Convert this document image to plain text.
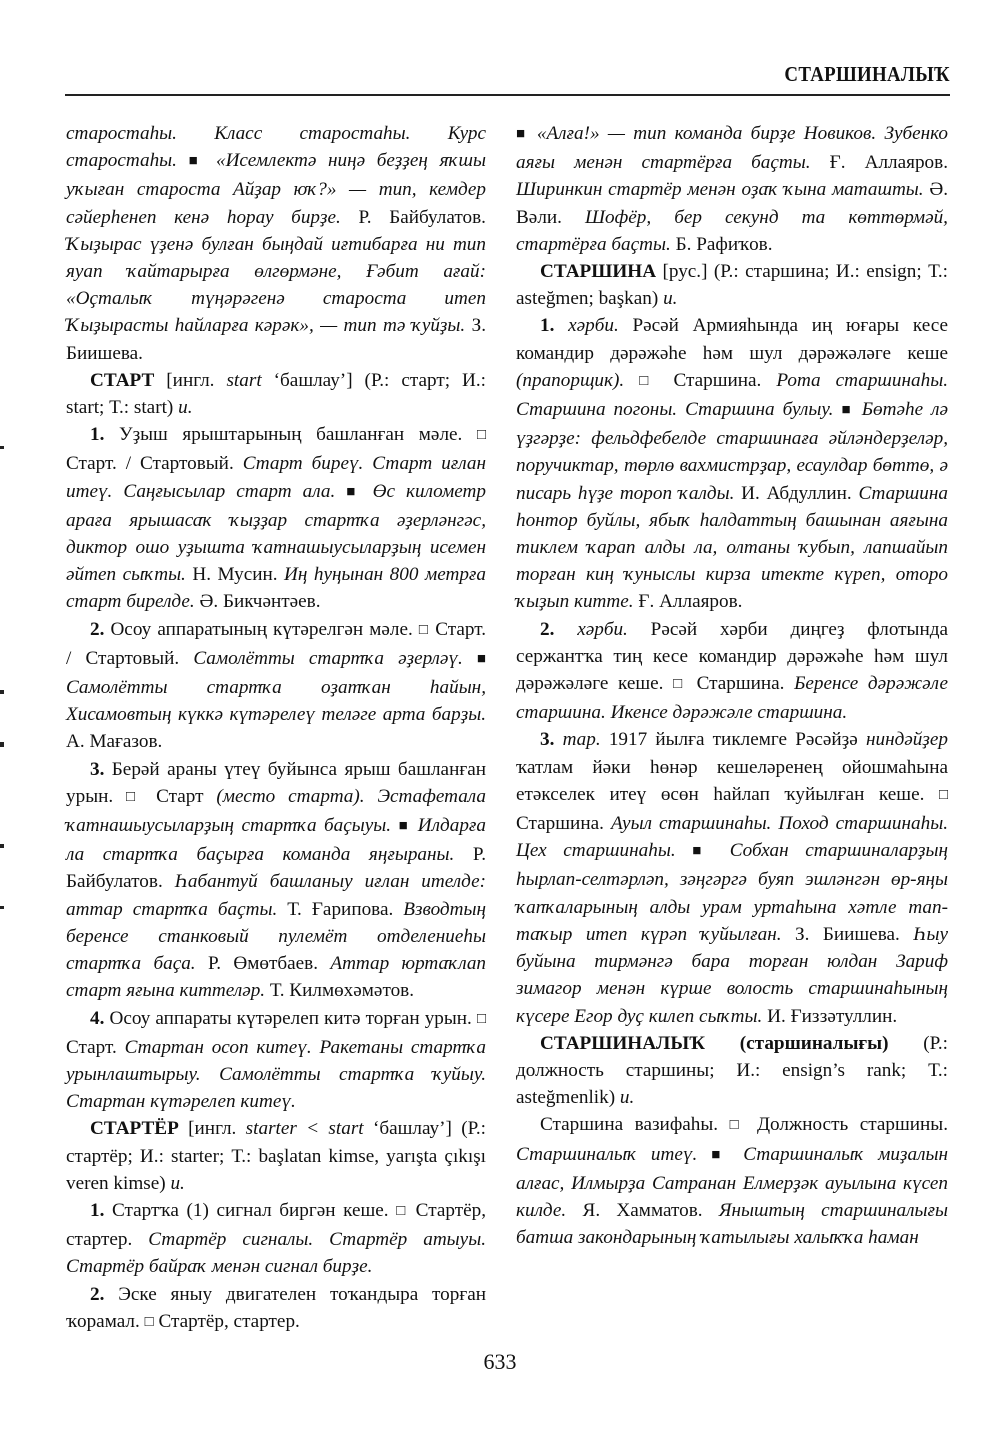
СТАРШИНАЛЫҠ

старостаһы. Класс старостаһы. Курс старостаһы. ■ «Исемлектә ниңә беҙҙең яҡшы уҡыған староста Айҙар юҡ?» — тип, кемдер сәйерһенеп кенә һорау бирҙе. Р. Байбулатов. Ҡыҙырас үҙенә булған быңдай иғтибарға ни тип яуап ҡайтарырға өлгөрмәне, Ғәбит ағай: «Оҫталыҡ түңәрәгенә староста итеп Ҡыҙырасты һайларға кәрәк», — тип тә ҡуйҙы. З. Биишева.

СТАРТ [ингл. start ‘башлау’] (Р.: старт; И.: start; Т.: start) и.

1. Уҙыш ярыштарының башланған мәле. □ Старт. / Стартовый. Старт биреү. Старт иғлан итеү. Саңғысылар старт ала. ■ Өс километр араға ярышасаҡ ҡыҙҙар стартҡа әҙерләнгәс, диктор ошо уҙышта ҡатнашыусыларҙың исемен әйтеп сыҡты. Н. Мусин. Иң һуңынан 800 метрға старт бирелде. Ә. Бикчәнтәев.

2. Осоу аппаратының күтәрелгән мәле. □ Старт. / Стартовый. Самолётты стартҡа әҙерләү. ■ Самолётты стартҡа оҙатҡан һайын, Хисамовтың күккә күтәрелеү теләге арта барҙы. А. Мағазов.

3. Берәй араны үтеү буйынса ярыш башланған урын. □ Старт (место старта). Эстафетала ҡатнашыусыларҙың стартҡа баҫыуы. ■ Илдарға ла стартҡа баҫырға команда яңғыраны. Р. Байбулатов. Һабантуй башланыу иғлан ителде: аттар стартҡа баҫты. Т. Ғарипова. Взводтың беренсе станковый пулемёт отделениеһы стартҡа баҫа. Р. Өмөтбаев. Аттар юртаҡлап старт яғына киттеләр. Т. Килмөхәмәтов.

4. Осоу аппараты күтәрелеп китә торған урын. □ Старт. Стартан осоп китеү. Ракетаны стартҡа урынлаштырыу. Самолётты стартҡа ҡуйыу. Стартан күтәрелеп китеү.

СТАРТЁР [ингл. starter < start ‘башлау’] (Р.: стартёр; И.: starter; Т.: başlatan kimse, yarışta çıkışı veren kimse) и.

1. Стартҡа (1) сигнал биргән кеше. □ Стартёр, стартер. Стартёр сигналы. Стартёр атыуы. Стартёр байраҡ менән сигнал бирҙе.

2. Эске яныу двигателен тоҡандыра торған ҡорамал. □ Стартёр, стартер.

■ «Алға!» — тип команда бирҙе Новиков. Зубенко аяғы менән стартёрға баҫты. Ғ. Аллаяров. Ширинкин стартёр менән оҙаҡ ҡына маташты. Ә. Вәли. Шофёр, бер секунд та көттөрмәй, стартёрға баҫты. Б. Рафиҡов.

СТАРШИНА [рус.] (Р.: старшина; И.: ensign; Т.: asteğmen; başkan) и.

1. хәрби. Рәсәй Армияһында иң юғары кесе командир дәрәжәһе һәм шул дәрәжәләге кеше (прапорщик). □ Старшина. Рота старшинаһы. Старшина погоны. Старшина булыу. ■ Бөтәһе лә үҙгәрҙе: фельдфебелде старшинаға әйләндерҙеләр, поручиктар, төрлө вахмистрҙар, есаулдар бөттө, ә писарь һүҙе тороп ҡалды. И. Абдуллин. Старшина һонтор буйлы, ябыҡ һалдаттың башынан аяғына тиклем ҡарап алды ла, олтаны ҡубып, лапшайып торған киң ҡуныслы кирза итекте күреп, оторо ҡыҙып китте. Ғ. Аллаяров.

2. хәрби. Рәсәй хәрби диңгеҙ флотында сержантҡа тиң кесе командир дәрәжәһе һәм шул дәрәжәләге кеше. □ Старшина. Беренсе дәрәжәле старшина. Икенсе дәрәжәле старшина.

3. тар. 1917 йылға тиклемге Рәсәйҙә ниндәйҙер ҡатлам йәки һөнәр кешеләренең ойошмаһына етәкселек итеү өсөн һайлап ҡуйылған кеше. □ Старшина. Ауыл старшинаһы. Поход старшинаһы. Цех старшинаһы. ■ Собхан старшиналарҙың һырлап-селтәрләп, зәңгәргә буяп эшләнгән өр-яңы ҡапҡаларының алды урам уртаһына хәтле тап-таҡыр итеп күрәп ҡуйылған. З. Биишева. Һыу буйына тирмәнгә бара торған юлдан Зариф зимагор менән күрше волость старшинаһының күсере Егор дуҫ килеп сыҡты. И. Ғиззәтуллин.

СТАРШИНАЛЫҠ (старшиналығы) (Р.: должность старшины; И.: ensign’s rank; Т.: asteğmenlik) и.

Старшина вазифаһы. □ Должность старшины. Старшиналыҡ итеү. ■ Старшиналыҡ миҙалын алғас, Илмырҙа Сатранан Елмерҙәк ауылына күсеп килде. Я. Хамматов. Яныштың старшиналығы батша закондарының ҡатылығы халыҡҡа һаман

633
